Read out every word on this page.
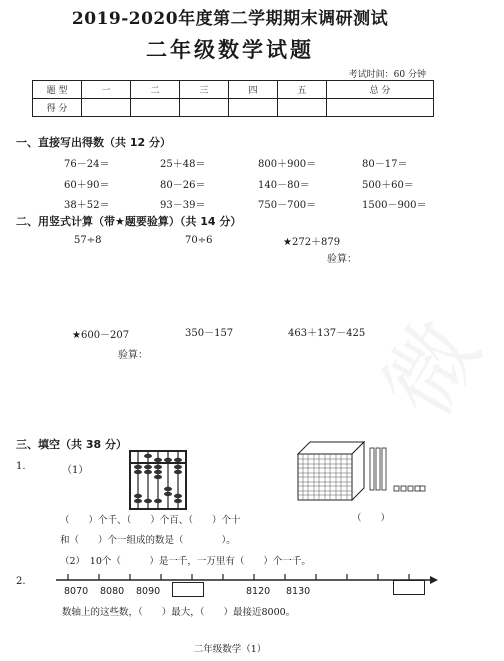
微
2019-2020年度第二学期期末调研测试
二年级数学试题
考试时间：60 分钟
题 型	一	二	三	四	五	总 分
得 分						
一、直接写出得数（共 12 分）
76－24＝	25＋48＝	800＋900＝	80－17＝
60＋90＝	80－26＝	140－80＝	500＋60＝
38＋52＝	93－39＝	750－700＝	1500－900＝
二、用竖式计算（带★题要验算）（共 14 分）
57÷8	70÷6	★272＋879
验算：
★600－207	350－157	463＋137－425
验算：
三、填空（共 38 分）
1.	（1）
（　　）
（　　）个千、（　　）个百、（　　）个十
和（　　）个一组成的数是（　　　　）。
（2）　10个（　　　）是一千，一万里有（　　）个一千。
2.
8070 8080 8090	8120 8130
数轴上的这些数，（　　）最大，（　　）最接近8000。
二年级数学（1）
